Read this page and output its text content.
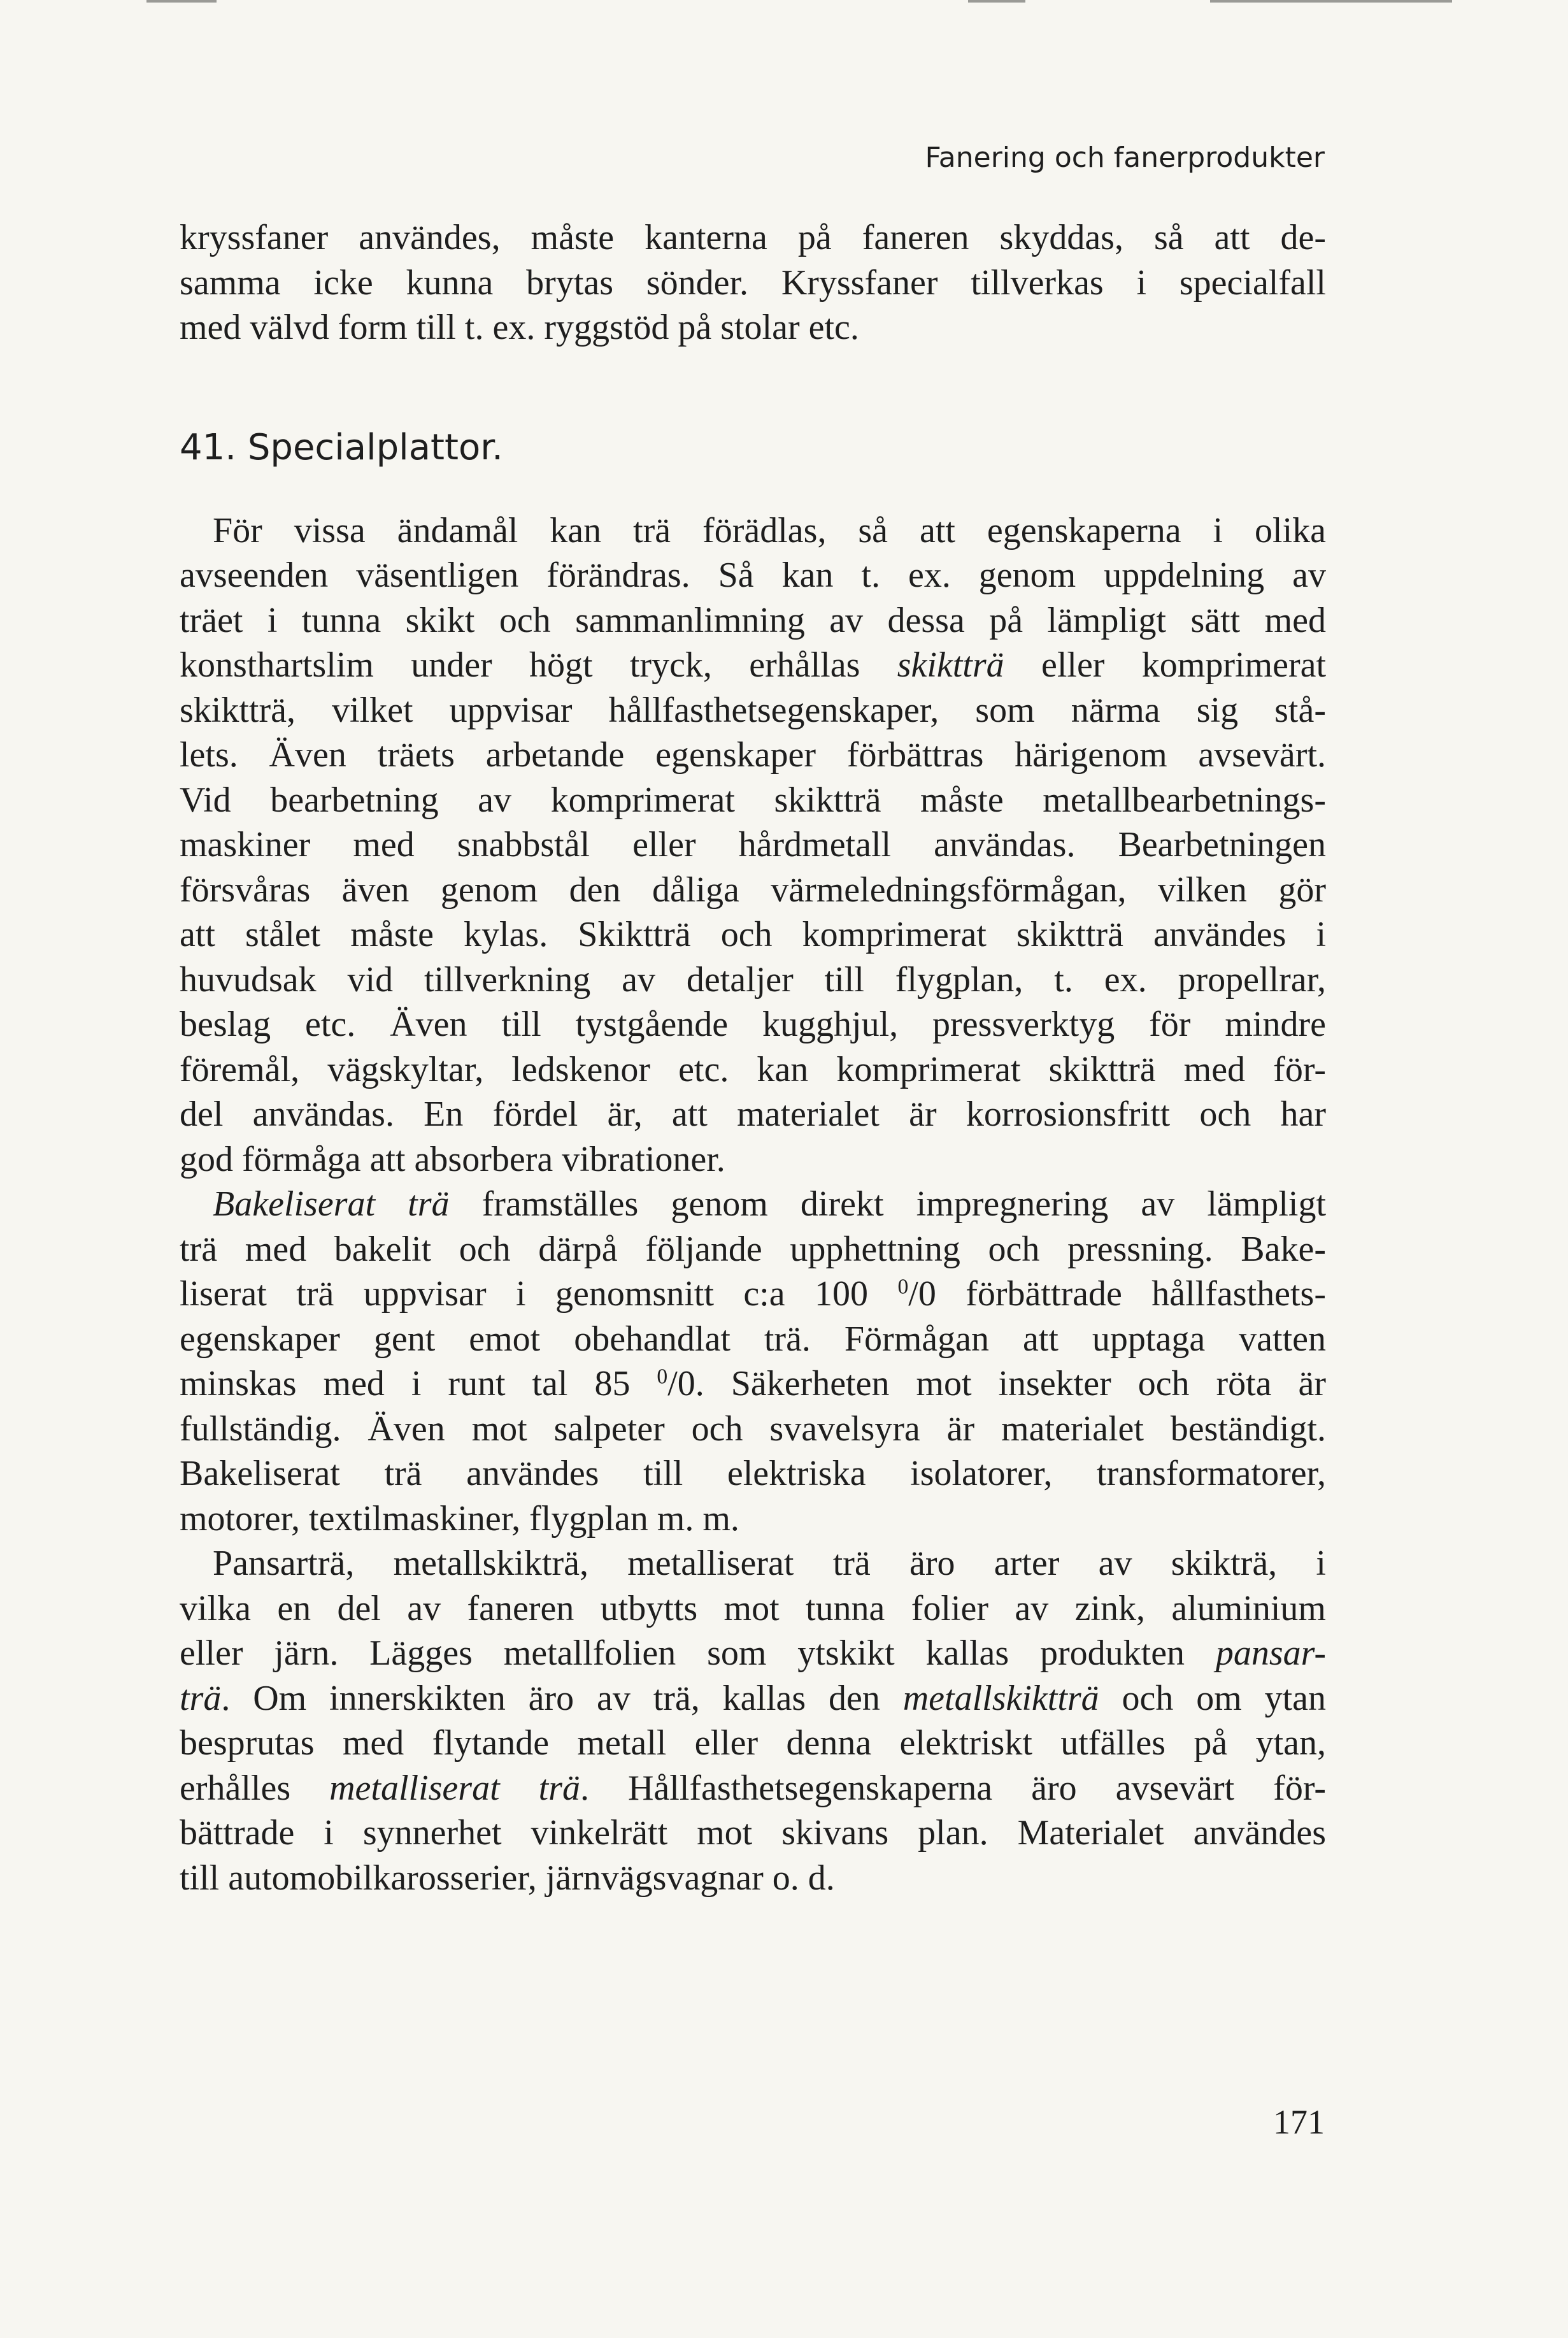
Fanering och fanerprodukter

kryssfaner användes, måste kanterna på faneren skyddas, så att de-

samma icke kunna brytas sönder. Kryssfaner tillverkas i specialfall

med välvd form till t. ex. ryggstöd på stolar etc.

41. Specialplattor.

För vissa ändamål kan trä förädlas, så att egenskaperna i olika

avseenden väsentligen förändras. Så kan t. ex. genom uppdelning av

träet i tunna skikt och sammanlimning av dessa på lämpligt sätt med

konsthartslim under högt tryck, erhållas skiktträ eller komprimerat

skiktträ, vilket uppvisar hållfasthetsegenskaper, som närma sig stå-

lets. Även träets arbetande egenskaper förbättras härigenom avsevärt.

Vid bearbetning av komprimerat skiktträ måste metallbearbetnings-

maskiner med snabbstål eller hårdmetall användas. Bearbetningen

försvåras även genom den dåliga värmeledningsförmågan, vilken gör

att stålet måste kylas. Skiktträ och komprimerat skiktträ användes i

huvudsak vid tillverkning av detaljer till flygplan, t. ex. propellrar,

beslag etc. Även till tystgående kugghjul, pressverktyg för mindre

föremål, vägskyltar, ledskenor etc. kan komprimerat skiktträ med för-

del användas. En fördel är, att materialet är korrosionsfritt och har

god förmåga att absorbera vibrationer.

Bakeliserat trä framställes genom direkt impregnering av lämpligt

trä med bakelit och därpå följande upphettning och pressning. Bake-

liserat trä uppvisar i genomsnitt c:a 100 $^0$/0 förbättrade hållfasthets-

egenskaper gent emot obehandlat trä. Förmågan att upptaga vatten

minskas med i runt tal 85 $^0$/0. Säkerheten mot insekter och röta är

fullständig. Även mot salpeter och svavelsyra är materialet beständigt.

Bakeliserat trä användes till elektriska isolatorer, transformatorer,

motorer, textilmaskiner, flygplan m. m.

Pansarträ, metallskikträ, metalliserat trä äro arter av skikträ, i

vilka en del av faneren utbytts mot tunna folier av zink, aluminium

eller järn. Lägges metallfolien som ytskikt kallas produkten pansar-

trä. Om innerskikten äro av trä, kallas den metallskiktträ och om ytan

besprutas med flytande metall eller denna elektriskt utfälles på ytan,

erhålles metalliserat trä. Hållfasthetsegenskaperna äro avsevärt för-

bättrade i synnerhet vinkelrätt mot skivans plan. Materialet användes

till automobilkarosserier, järnvägsvagnar o. d.

171
